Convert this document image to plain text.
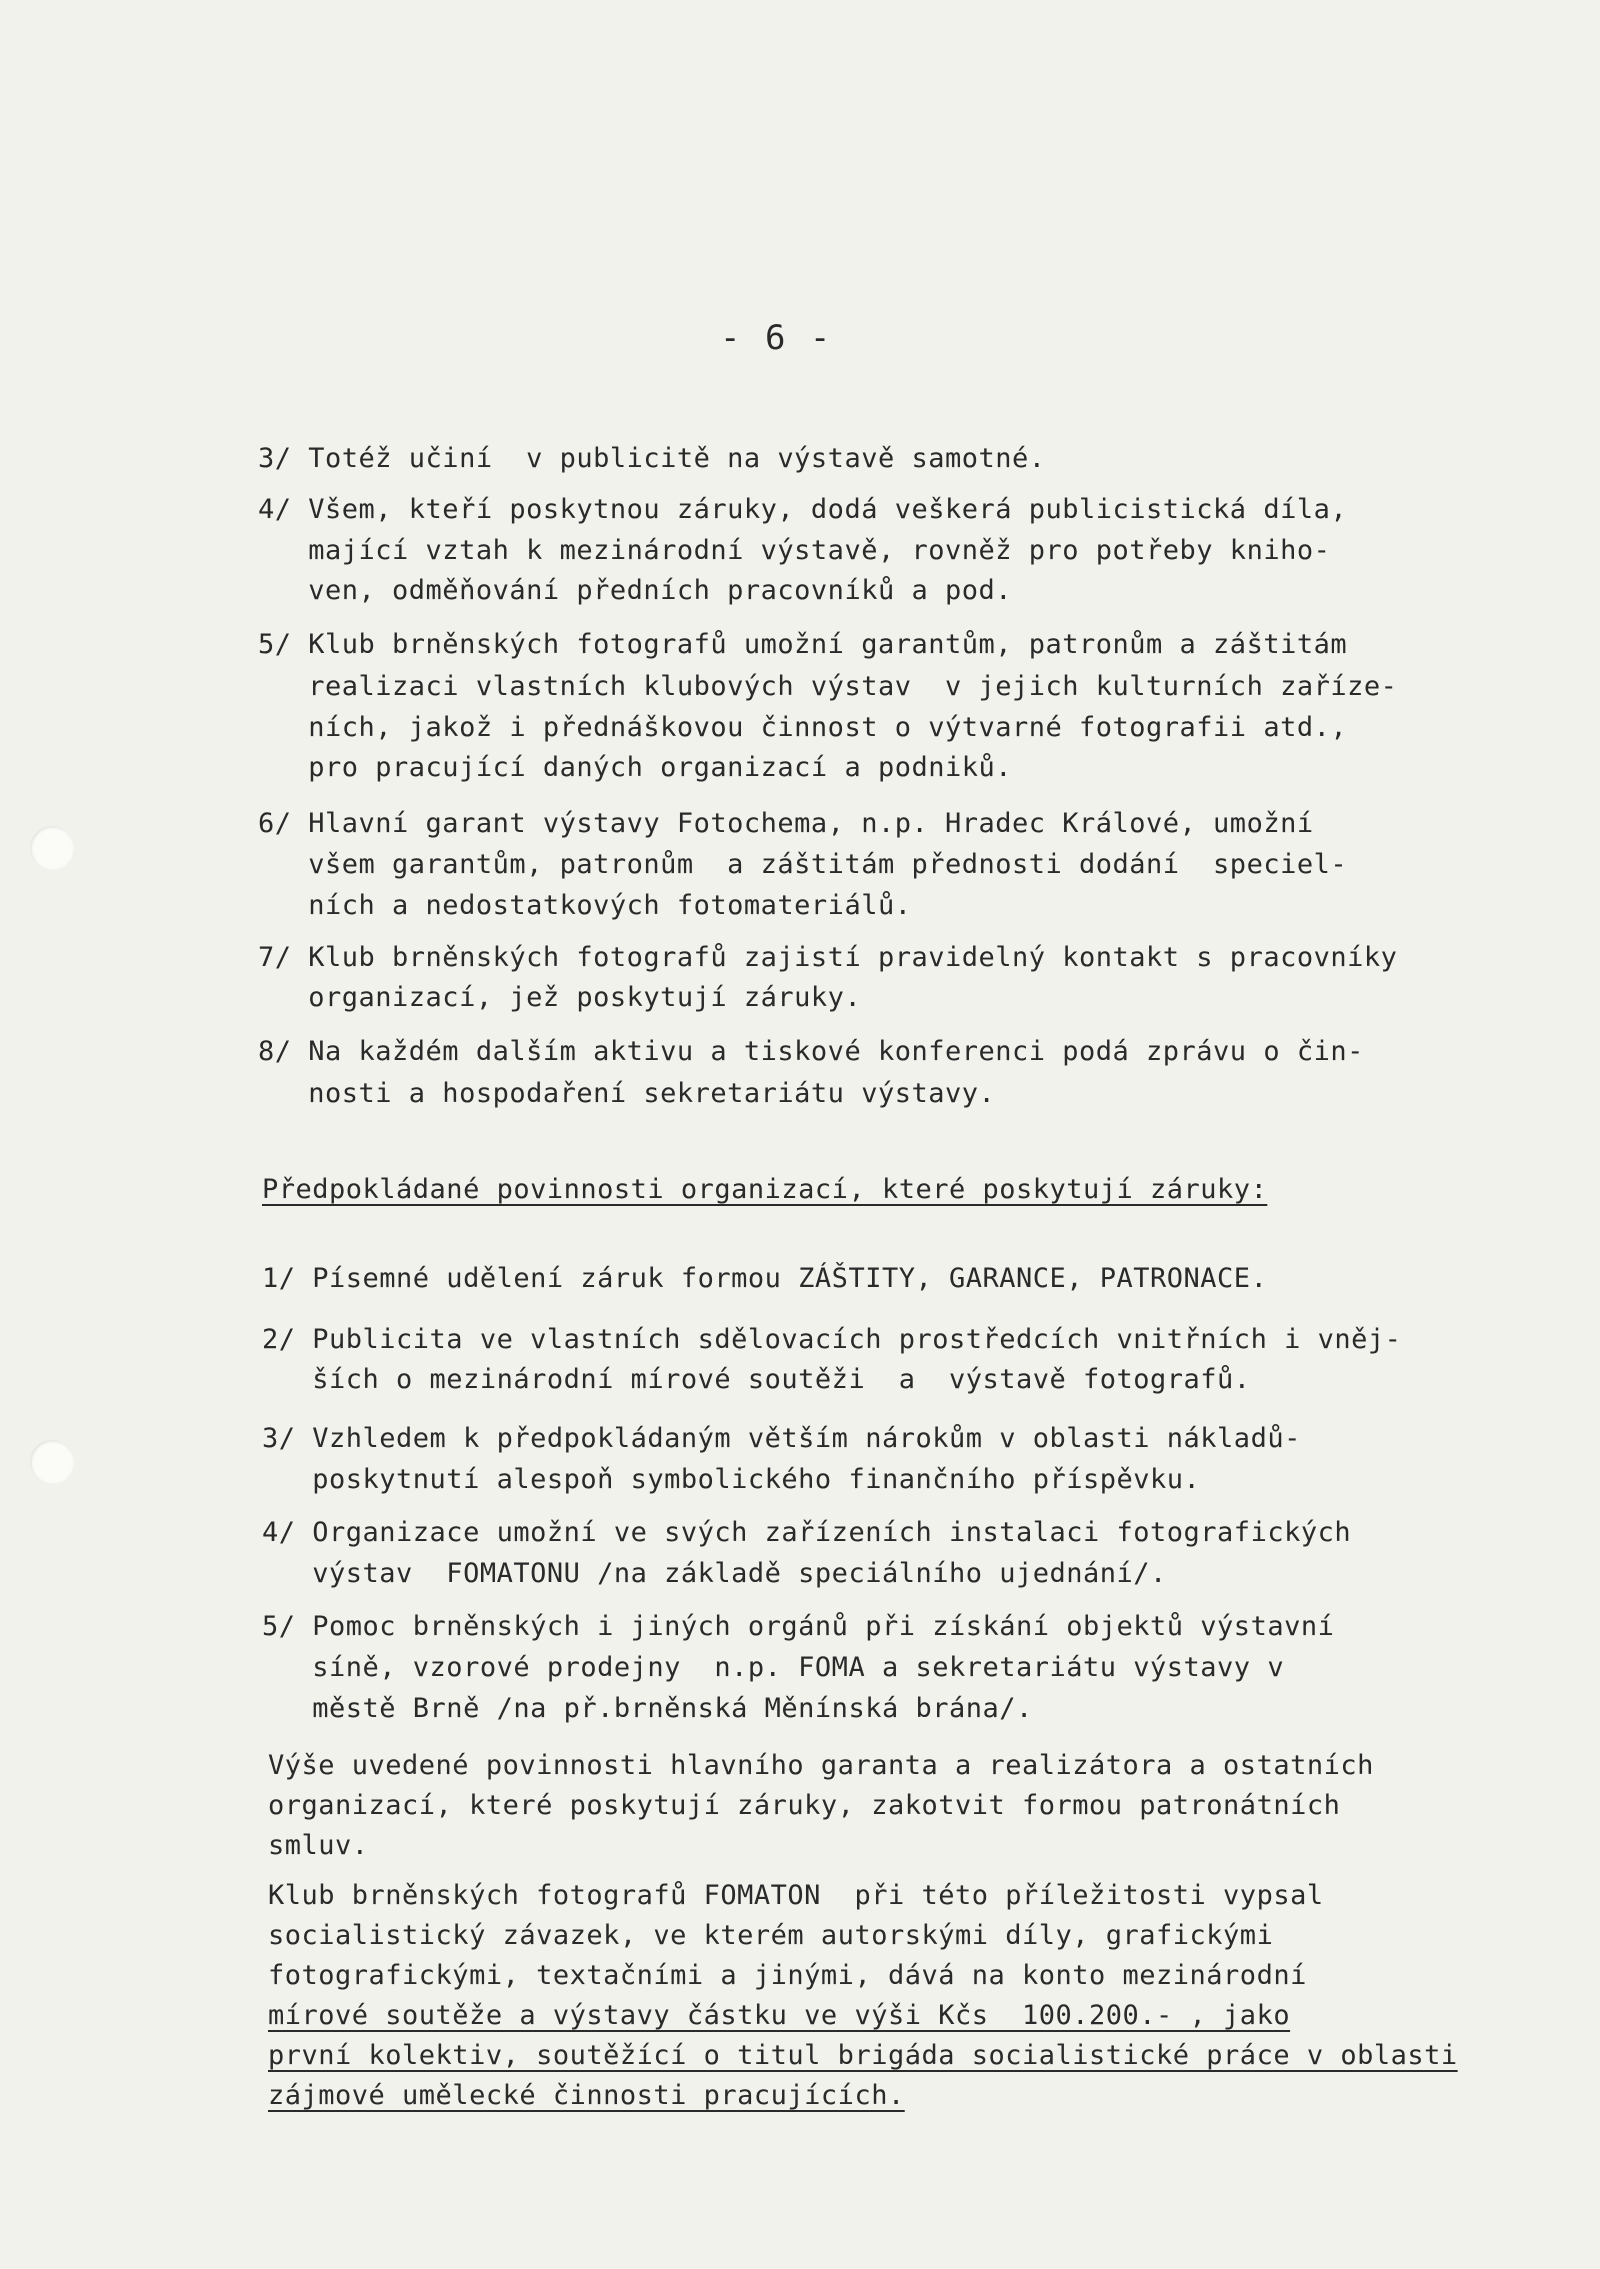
- 6 -
3/ Totéž učiní  v publicitě na výstavě samotné.
4/ Všem, kteří poskytnou záruky, dodá veškerá publicistická díla,
mající vztah k mezinárodní výstavě, rovněž pro potřeby kniho-
ven, odměňování předních pracovníků a pod.
5/ Klub brněnských fotografů umožní garantům, patronům a záštitám
realizaci vlastních klubových výstav  v jejich kulturních zaříze-
ních, jakož i přednáškovou činnost o výtvarné fotografii atd.,
pro pracující daných organizací a podniků.
6/ Hlavní garant výstavy Fotochema, n.p. Hradec Králové, umožní
všem garantům, patronům  a záštitám přednosti dodání  speciel-
ních a nedostatkových fotomateriálů.
7/ Klub brněnských fotografů zajistí pravidelný kontakt s pracovníky
organizací, jež poskytují záruky.
8/ Na každém dalším aktivu a tiskové konferenci podá zprávu o čin-
nosti a hospodaření sekretariátu výstavy.
Předpokládané povinnosti organizací, které poskytují záruky:
1/ Písemné udělení záruk formou ZÁŠTITY, GARANCE, PATRONACE.
2/ Publicita ve vlastních sdělovacích prostředcích vnitřních i vněj-
ších o mezinárodní mírové soutěži  a  výstavě fotografů.
3/ Vzhledem k předpokládaným větším nárokům v oblasti nákladů-
poskytnutí alespoň symbolického finančního příspěvku.
4/ Organizace umožní ve svých zařízeních instalaci fotografických
výstav  FOMATONU /na základě speciálního ujednání/.
5/ Pomoc brněnských i jiných orgánů při získání objektů výstavní
síně, vzorové prodejny  n.p. FOMA a sekretariátu výstavy v
městě Brně /na př.brněnská Měnínská brána/.
Výše uvedené povinnosti hlavního garanta a realizátora a ostatních
organizací, které poskytují záruky, zakotvit formou patronátních
smluv.
Klub brněnských fotografů FOMATON  při této příležitosti vypsal
socialistický závazek, ve kterém autorskými díly, grafickými
fotografickými, textačními a jinými, dává na konto mezinárodní
mírové soutěže a výstavy částku ve výši Kčs  100.200.- , jako
první kolektiv, soutěžící o titul brigáda socialistické práce v oblasti
zájmové umělecké činnosti pracujících.
